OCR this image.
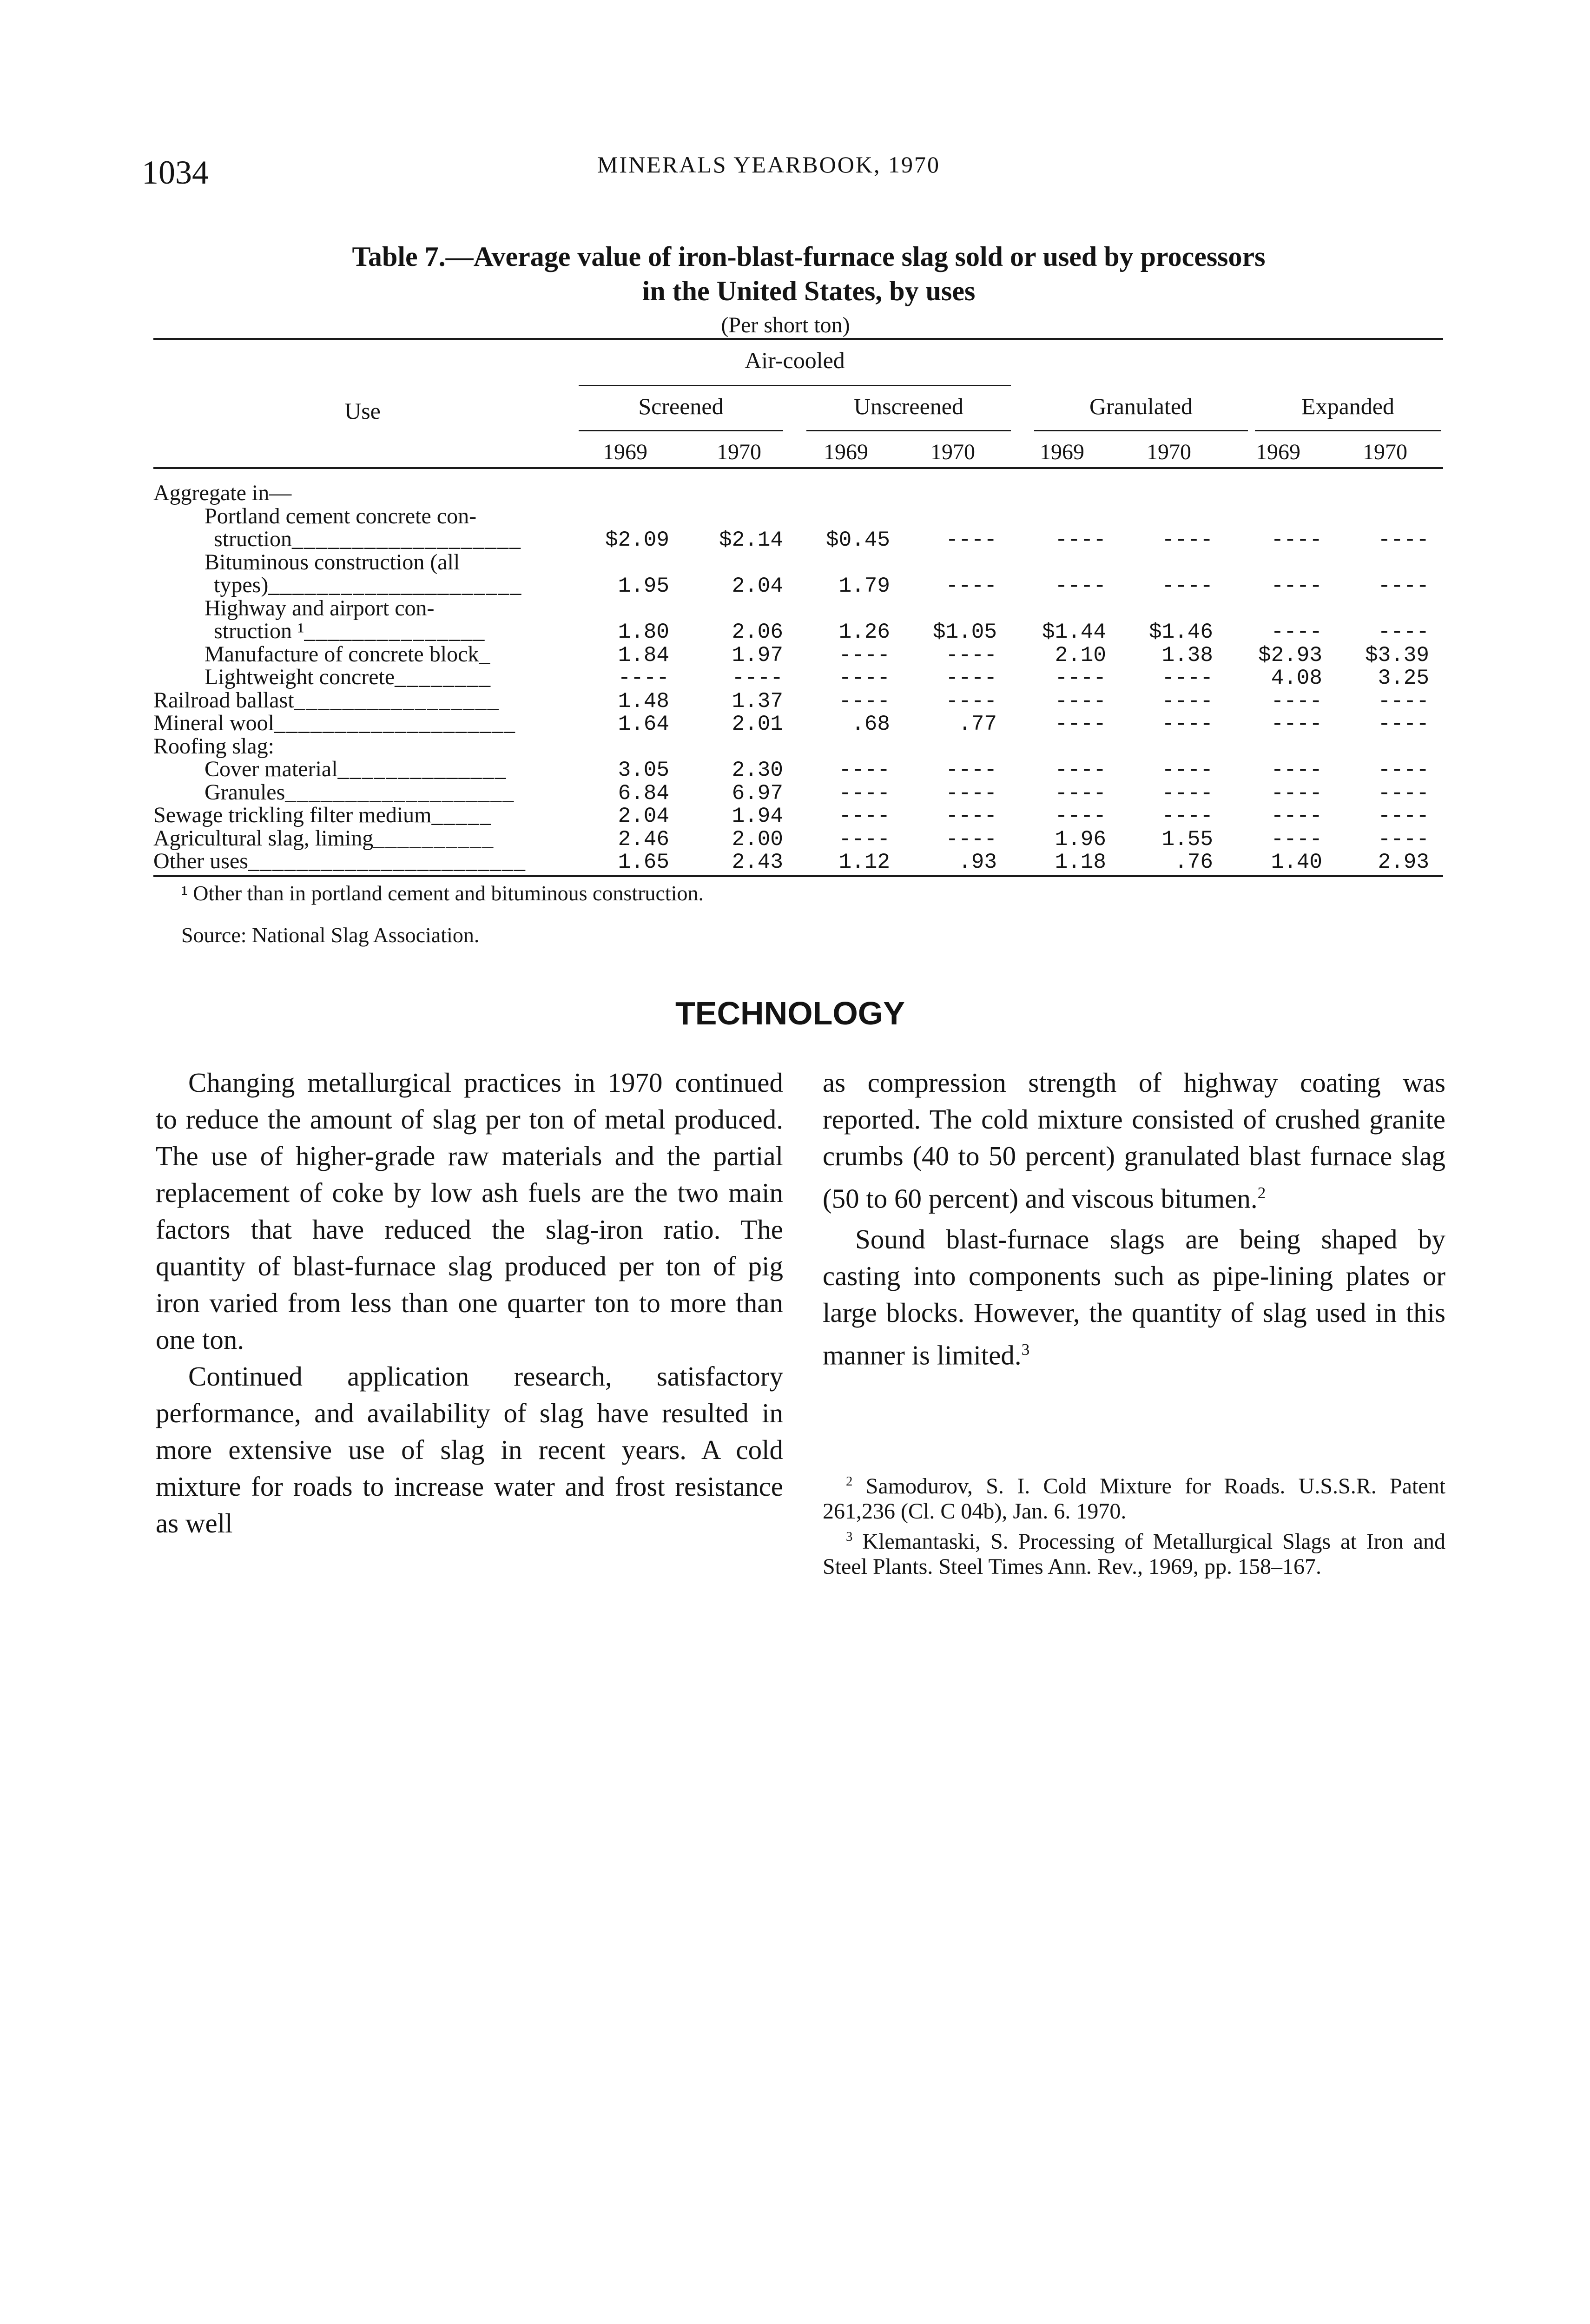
1034	MINERALS YEARBOOK, 1970
Table 7.—Average value of iron-blast-furnace slag sold or used by processors
in the United States, by uses
(Per short ton)
Use
Air-cooled
Screened	Unscreened	Granulated	Expanded
1969	1970	1969	1970	1969	1970	1969	1970
Aggregate in—
Portland cement concrete con-
struction___________________	$2.09	$2.14	$0.45	----	----	----	----	----
Bituminous construction (all
types)_____________________	1.95	2.04	1.79	----	----	----	----	----
Highway and airport con-
struction ¹_______________	1.80	2.06	1.26	$1.05	$1.44	$1.46	----	----
Manufacture of concrete block_	1.84	1.97	----	----	2.10	1.38	$2.93	$3.39
Lightweight concrete________	----	----	----	----	----	----	4.08	3.25
Railroad ballast_________________	1.48	1.37	----	----	----	----	----	----
Mineral wool____________________	1.64	2.01	.68	.77	----	----	----	----
Roofing slag:
Cover material______________	3.05	2.30	----	----	----	----	----	----
Granules___________________	6.84	6.97	----	----	----	----	----	----
Sewage trickling filter medium_____	2.04	1.94	----	----	----	----	----	----
Agricultural slag, liming__________	2.46	2.00	----	----	1.96	1.55	----	----
Other uses_______________________	1.65	2.43	1.12	.93	1.18	.76	1.40	2.93
¹ Other than in portland cement and bituminous construction.
Source: National Slag Association.
TECHNOLOGY

Changing metallurgical practices in 1970 continued to reduce the amount of slag per ton of metal produced. The use of higher-grade raw materials and the partial replacement of coke by low ash fuels are the two main factors that have reduced the slag-iron ratio. The quantity of blast-furnace slag produced per ton of pig iron varied from less than one quarter ton to more than one ton.

Continued application research, satisfactory performance, and availability of slag have resulted in more extensive use of slag in recent years. A cold mixture for roads to increase water and frost resistance as well

as compression strength of highway coating was reported. The cold mixture consisted of crushed granite crumbs (40 to 50 percent) granulated blast furnace slag (50 to 60 percent) and viscous bitumen.$^2$

Sound blast-furnace slags are being shaped by casting into components such as pipe-lining plates or large blocks. However, the quantity of slag used in this manner is limited.$^3$

$^2$ Samodurov, S. I. Cold Mixture for Roads. U.S.S.R. Patent 261,236 (Cl. C 04b), Jan. 6. 1970.

$^3$ Klemantaski, S. Processing of Metallurgical Slags at Iron and Steel Plants. Steel Times Ann. Rev., 1969, pp. 158–167.
